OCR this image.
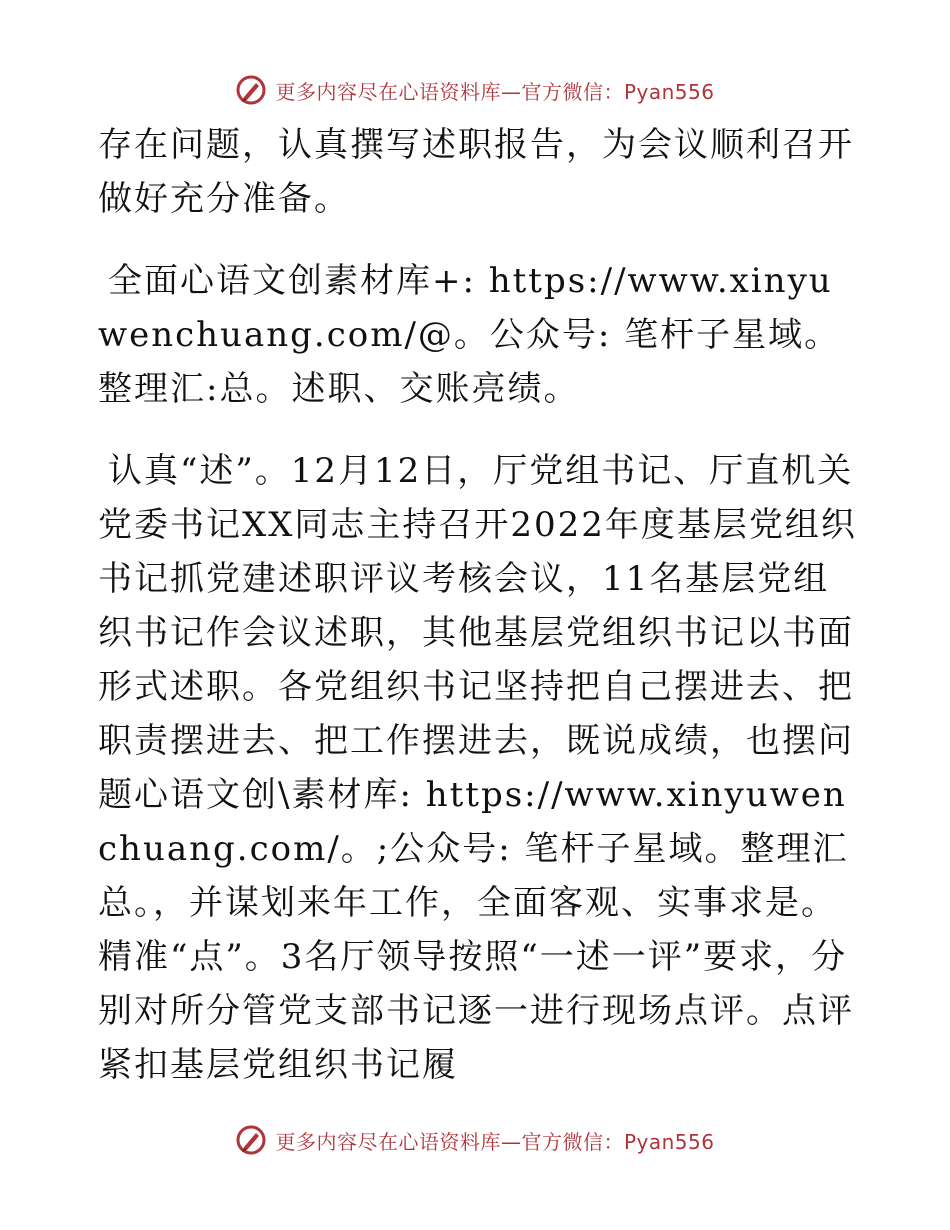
更多内容尽在心语资料库—官方微信：Pyan556

存在问题，认真撰写述职报告，为会议顺利召开做好充分准备。

全面心语文创素材库+: https://www.xinyuwenchuang.com/@。公众号: 笔杆子星域。整理汇:总。述职、交账亮绩。

认真“述”。12月12日，厅党组书记、厅直机关党委书记XX同志主持召开2022年度基层党组织书记抓党建述职评议考核会议，11名基层党组织书记作会议述职，其他基层党组织书记以书面形式述职。各党组织书记坚持把自己摆进去、把职责摆进去、把工作摆进去，既说成绩，也摆问题心语文创\素材库: https://www.xinyuwenchuang.com/。;公众号: 笔杆子星域。整理汇总。，并谋划来年工作，全面客观、实事求是。精准“点”。3名厅领导按照“一述一评”要求，分别对所分管党支部书记逐一进行现场点评。点评紧扣基层党组织书记履

更多内容尽在心语资料库—官方微信：Pyan556
